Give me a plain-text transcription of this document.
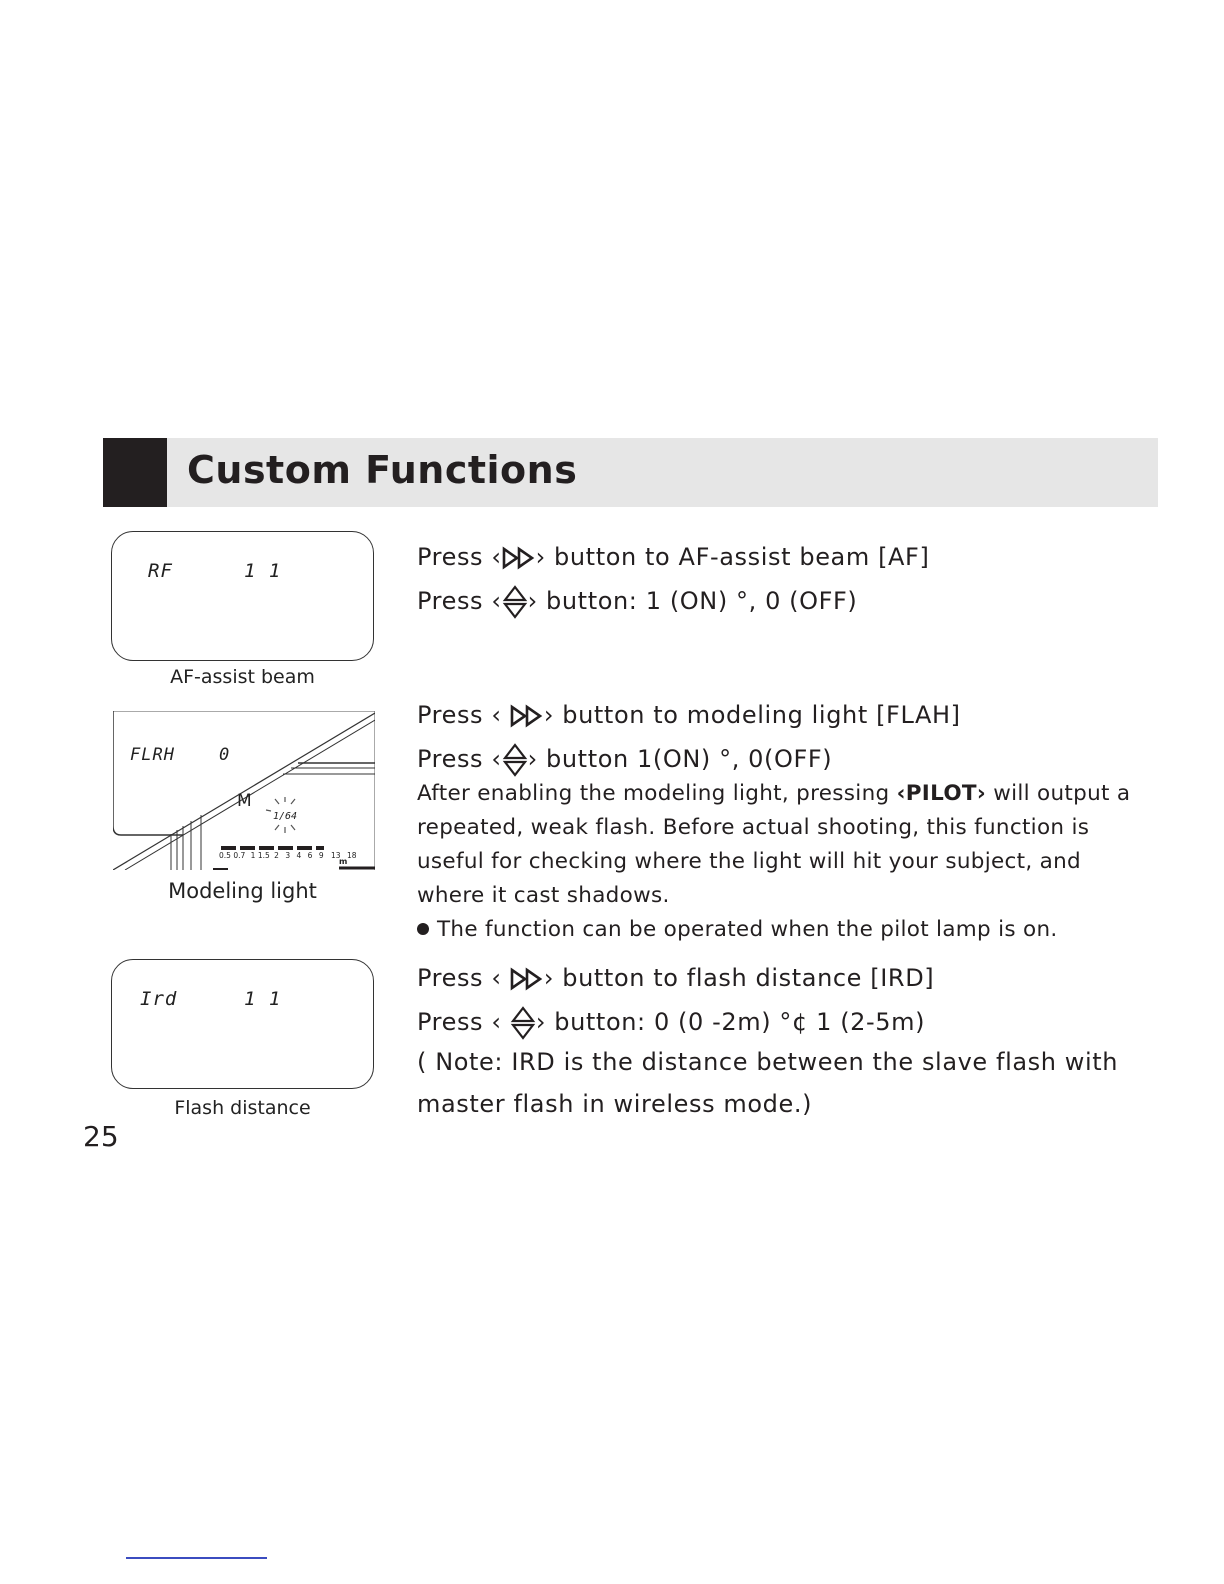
Custom Functions
RF	1 1
AF-assist beam
Press ‹ › button to AF-assist beam [AF]
Press ‹ › button: 1 (ON) °, 0 (OFF)
FLRH	0
M
1/64
0.5 0.7 1 1.5 2 3 4 6 9 13 18
m
Modeling light
Press ‹ › button to modeling light [FLAH]
Press ‹ › button 1(ON) °, 0(OFF)
After enabling the modeling light, pressing ‹PILOT› will output a
repeated, weak flash. Before actual shooting, this function is
useful for checking where the light will hit your subject, and
where it cast shadows.
The function can be operated when the pilot lamp is on.
Ird	1 1
Flash distance
Press ‹ › button to flash distance [IRD]
Press ‹ › button: 0 (0 -2m) °¢ 1 (2-5m)
( Note: IRD is the distance between the slave flash with
master flash in wireless mode.)
25
